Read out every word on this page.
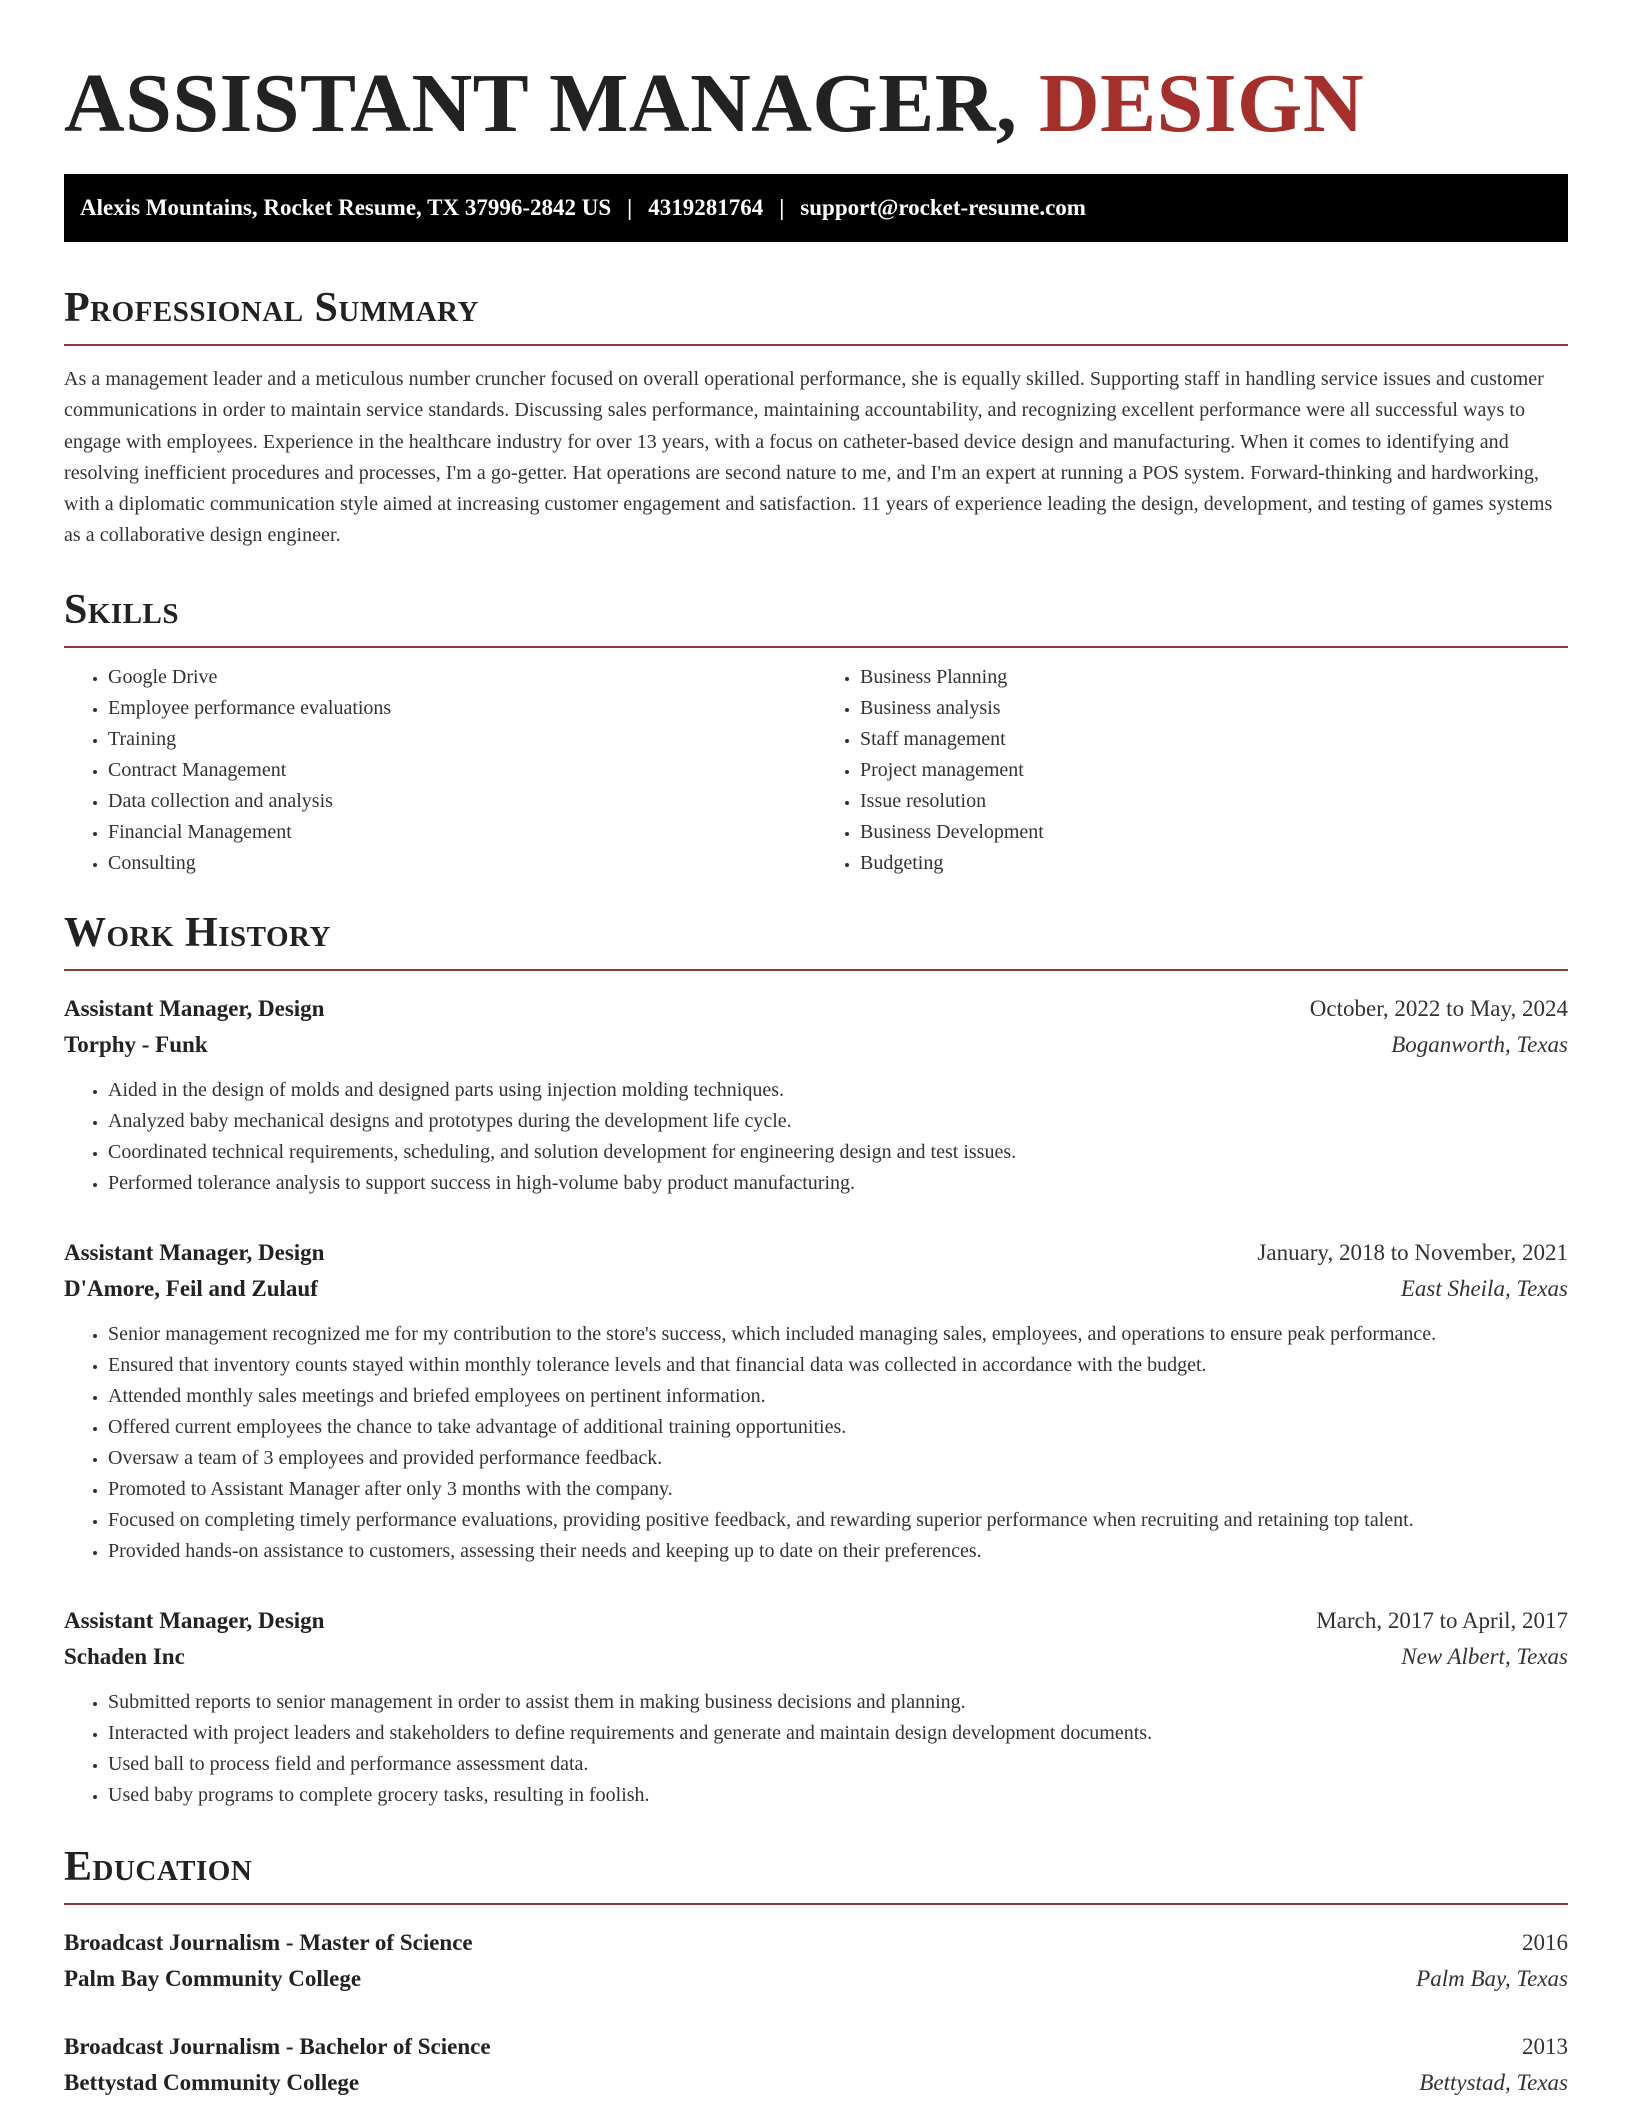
ASSISTANT MANAGER, DESIGN
Alexis Mountains, Rocket Resume, TX 37996-2842 US | 4319281764 | support@rocket-resume.com
Professional Summary

As a management leader and a meticulous number cruncher focused on overall operational performance, she is equally skilled. Supporting staff in handling service issues and customer communications in order to maintain service standards. Discussing sales performance, maintaining accountability, and recognizing excellent performance were all successful ways to engage with employees. Experience in the healthcare industry for over 13 years, with a focus on catheter-based device design and manufacturing. When it comes to identifying and resolving inefficient procedures and processes, I'm a go-getter. Hat operations are second nature to me, and I'm an expert at running a POS system. Forward-thinking and hardworking, with a diplomatic communication style aimed at increasing customer engagement and satisfaction. 11 years of experience leading the design, development, and testing of games systems as a collaborative design engineer.

Skills
• Google Drive
• Employee performance evaluations
• Training
• Contract Management
• Data collection and analysis
• Financial Management
• Consulting
• Business Planning
• Business analysis
• Staff management
• Project management
• Issue resolution
• Business Development
• Budgeting
Work History
Assistant Manager, Design	October, 2022 to May, 2024
Torphy - Funk	Boganworth, Texas
• Aided in the design of molds and designed parts using injection molding techniques.
• Analyzed baby mechanical designs and prototypes during the development life cycle.
• Coordinated technical requirements, scheduling, and solution development for engineering design and test issues.
• Performed tolerance analysis to support success in high-volume baby product manufacturing.
Assistant Manager, Design	January, 2018 to November, 2021
D'Amore, Feil and Zulauf	East Sheila, Texas
• Senior management recognized me for my contribution to the store's success, which included managing sales, employees, and operations to ensure peak performance.
• Ensured that inventory counts stayed within monthly tolerance levels and that financial data was collected in accordance with the budget.
• Attended monthly sales meetings and briefed employees on pertinent information.
• Offered current employees the chance to take advantage of additional training opportunities.
• Oversaw a team of 3 employees and provided performance feedback.
• Promoted to Assistant Manager after only 3 months with the company.
• Focused on completing timely performance evaluations, providing positive feedback, and rewarding superior performance when recruiting and retaining top talent.
• Provided hands-on assistance to customers, assessing their needs and keeping up to date on their preferences.
Assistant Manager, Design	March, 2017 to April, 2017
Schaden Inc	New Albert, Texas
• Submitted reports to senior management in order to assist them in making business decisions and planning.
• Interacted with project leaders and stakeholders to define requirements and generate and maintain design development documents.
• Used ball to process field and performance assessment data.
• Used baby programs to complete grocery tasks, resulting in foolish.
Education
Broadcast Journalism - Master of Science	2016
Palm Bay Community College	Palm Bay, Texas
Broadcast Journalism - Bachelor of Science	2013
Bettystad Community College	Bettystad, Texas
